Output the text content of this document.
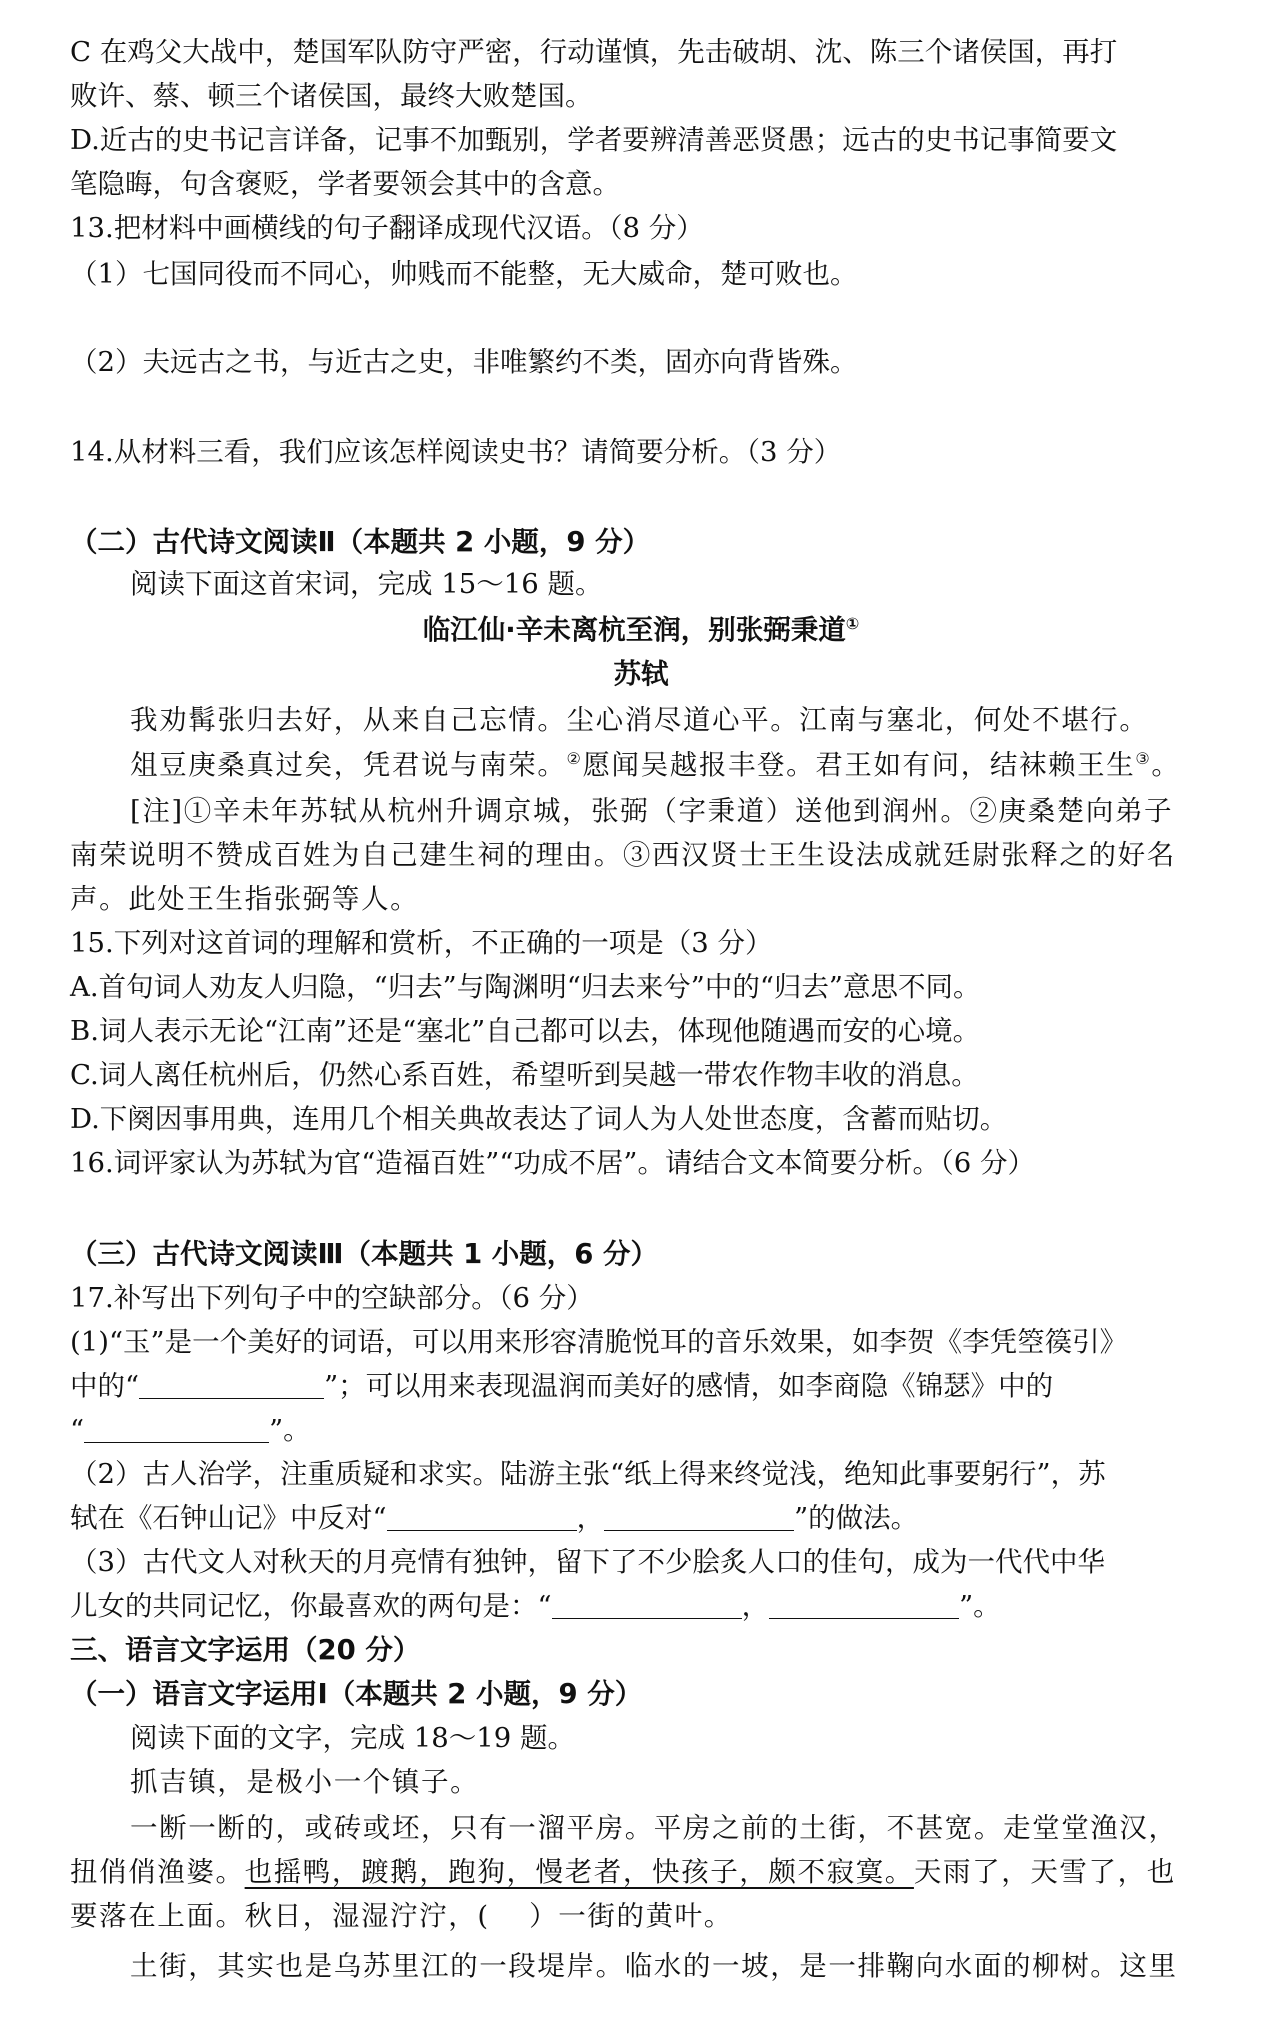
C 在鸡父大战中，楚国军队防守严密，行动谨慎，先击破胡、沈、陈三个诸侯国，再打
败许、蔡、顿三个诸侯国，最终大败楚国。
D.近古的史书记言详备，记事不加甄别，学者要辨清善恶贤愚；远古的史书记事简要文
笔隐晦，句含褒贬，学者要领会其中的含意。
13.把材料中画横线的句子翻译成现代汉语。（8 分）
（1）七国同役而不同心，帅贱而不能整，无大威命，楚可败也。
（2）夫远古之书，与近古之史，非唯繁约不类，固亦向背皆殊。
14.从材料三看，我们应该怎样阅读史书？请简要分析。（3 分）
（二）古代诗文阅读Ⅱ（本题共 2 小题，9 分）
阅读下面这首宋词，完成 15～16 题。
临江仙·辛未离杭至润，别张弼秉道①
苏轼
我劝髯张归去好，从来自己忘情。尘心消尽道心平。江南与塞北，何处不堪行。
俎豆庚桑真过矣，凭君说与南荣。②愿闻吴越报丰登。君王如有问，结袜赖王生③。
[注]①辛未年苏轼从杭州升调京城，张弼（字秉道）送他到润州。②庚桑楚向弟子
南荣说明不赞成百姓为自己建生祠的理由。③西汉贤士王生设法成就廷尉张释之的好名
声。此处王生指张弼等人。
15.下列对这首词的理解和赏析，不正确的一项是（3 分）
A.首句词人劝友人归隐，“归去”与陶渊明“归去来兮”中的“归去”意思不同。
B.词人表示无论“江南”还是“塞北”自己都可以去，体现他随遇而安的心境。
C.词人离任杭州后，仍然心系百姓，希望听到吴越一带农作物丰收的消息。
D.下阕因事用典，连用几个相关典故表达了词人为人处世态度，含蓄而贴切。
16.词评家认为苏轼为官“造福百姓”“功成不居”。请结合文本简要分析。（6 分）
（三）古代诗文阅读Ⅲ（本题共 1 小题，6 分）
17.补写出下列句子中的空缺部分。（6 分）
(1)“玉”是一个美好的词语，可以用来形容清脆悦耳的音乐效果，如李贺《李凭箜篌引》
中的“	”；可以用来表现温润而美好的感情，如李商隐《锦瑟》中的
“	”。
（2）古人治学，注重质疑和求实。陆游主张“纸上得来终觉浅，绝知此事要躬行”，苏
轼在《石钟山记》中反对“	，	”的做法。
（3）古代文人对秋天的月亮情有独钟，留下了不少脍炙人口的佳句，成为一代代中华
儿女的共同记忆，你最喜欢的两句是：“	，	”。
三、语言文字运用（20 分）
（一）语言文字运用Ⅰ（本题共 2 小题，9 分）
阅读下面的文字，完成 18～19 题。
抓吉镇，是极小一个镇子。
一断一断的，或砖或坯，只有一溜平房。平房之前的土街，不甚宽。走堂堂渔汉，
扭俏俏渔婆。也摇鸭，踱鹅，跑狗，慢老者，快孩子，颇不寂寞。天雨了，天雪了，也
要落在上面。秋日，湿湿泞泞，(　 ）一街的黄叶。
土街，其实也是乌苏里江的一段堤岸。临水的一坡，是一排鞠向水面的柳树。这里
